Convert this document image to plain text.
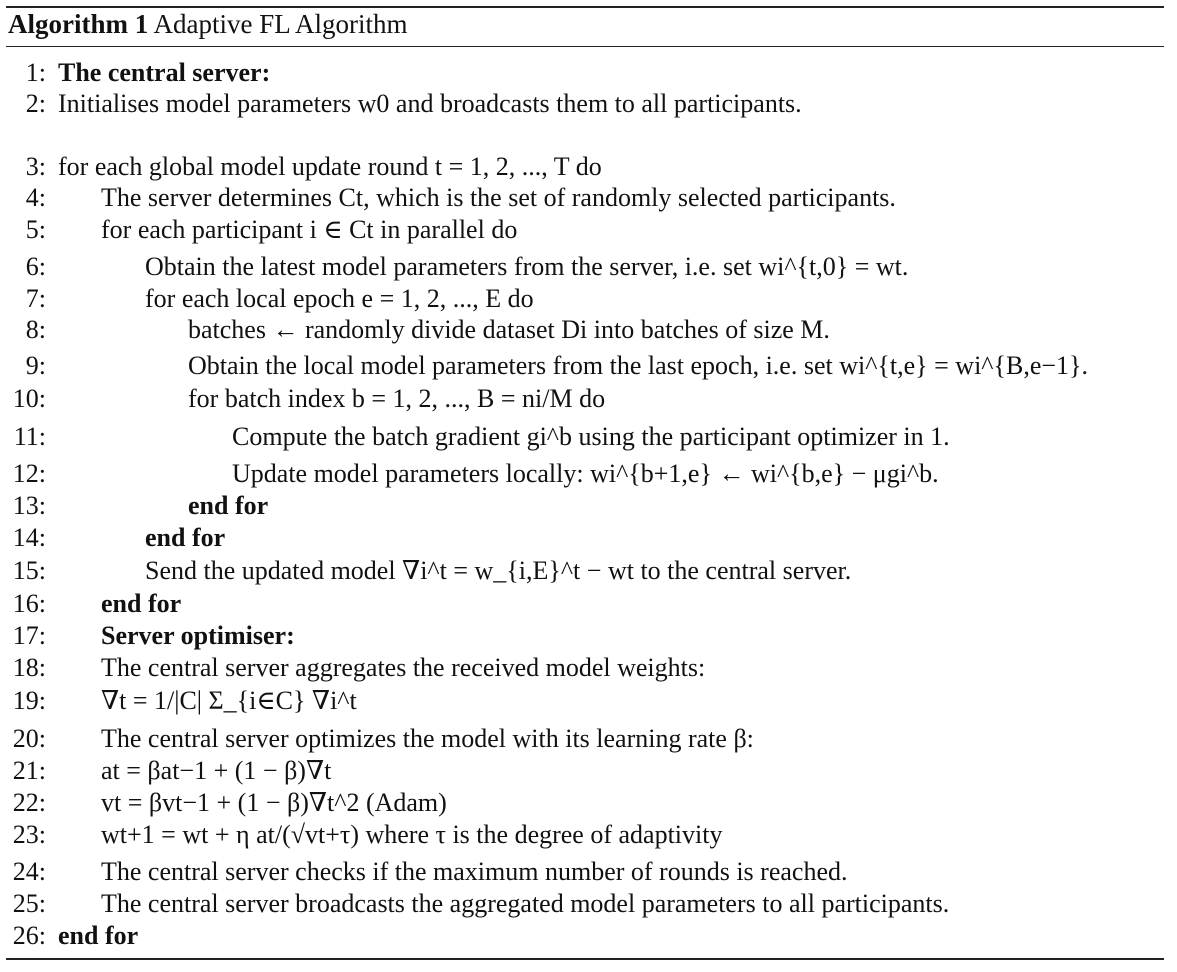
Algorithm 1 Adaptive FL Algorithm
1: The central server:
2: Initialises model parameters w0 and broadcasts them to all participants.
3: for each global model update round t = 1, 2, ..., T do
4: The server determines Ct, which is the set of randomly selected participants.
5: for each participant i ∈ Ct in parallel do
6:	Obtain the latest model parameters from the server, i.e. set wi^{t,0} = wt.
7:	for each local epoch e = 1, 2, ..., E do
8:	batches ← randomly divide dataset Di into batches of size M.
9:	Obtain the local model parameters from the last epoch, i.e. set wi^{t,e} = wi^{B,e−1}.
10:	for batch index b = 1, 2, ..., B = ni/M do
11:	Compute the batch gradient gi^b using the participant optimizer in 1.
12:	Update model parameters locally: wi^{b+1,e} ← wi^{b,e} − μgi^b.
13:	end for
14:	end for
15:	Send the updated model ∇i^t = w_{i,E}^t − wt to the central server.
16: end for
17: Server optimiser:
18: The central server aggregates the received model weights:
19: ∇t = 1/|C| Σ_{i∈C} ∇i^t
20: The central server optimizes the model with its learning rate β:
21: at = βat−1 + (1 − β)∇t
22: vt = βvt−1 + (1 − β)∇t^2 (Adam)
23: wt+1 = wt + η at/(√vt+τ) where τ is the degree of adaptivity
24: The central server checks if the maximum number of rounds is reached.
25: The central server broadcasts the aggregated model parameters to all participants.
26: end for
